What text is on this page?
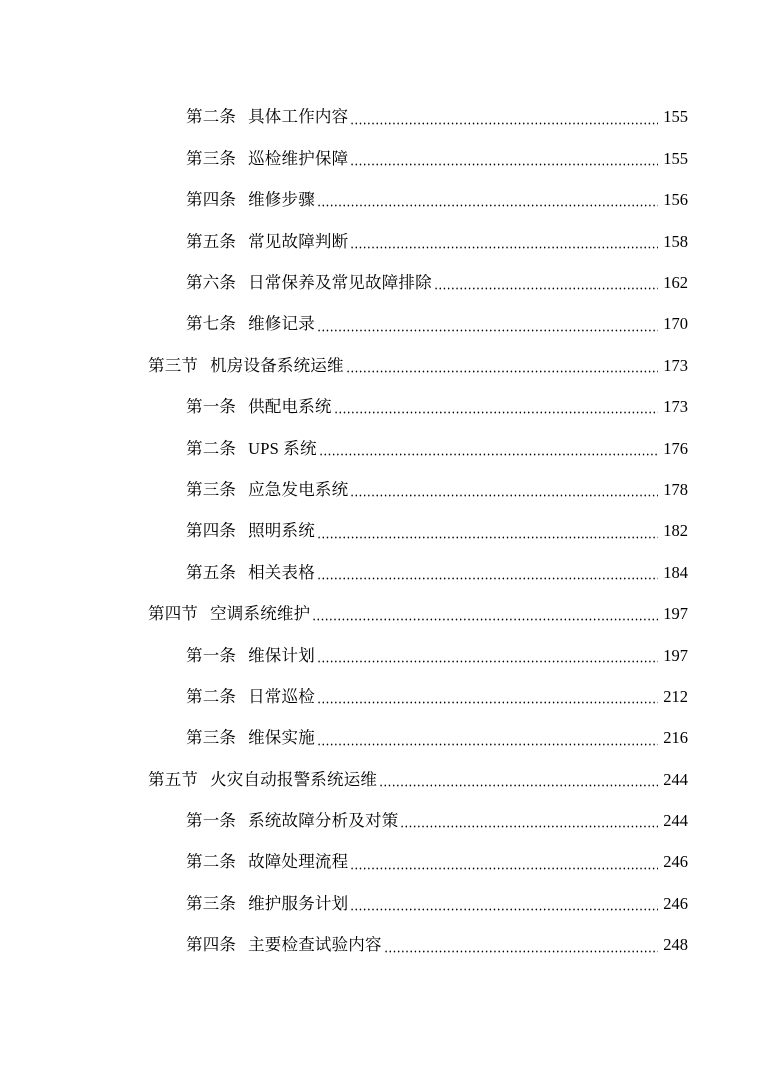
第二条 具体工作内容	155
第三条 巡检维护保障	155
第四条 维修步骤	156
第五条 常见故障判断	158
第六条 日常保养及常见故障排除	162
第七条 维修记录	170
第三节 机房设备系统运维	173
第一条 供配电系统	173
第二条 UPS 系统	176
第三条 应急发电系统	178
第四条 照明系统	182
第五条 相关表格	184
第四节 空调系统维护	197
第一条 维保计划	197
第二条 日常巡检	212
第三条 维保实施	216
第五节 火灾自动报警系统运维	244
第一条 系统故障分析及对策	244
第二条 故障处理流程	246
第三条 维护服务计划	246
第四条 主要检查试验内容	248
